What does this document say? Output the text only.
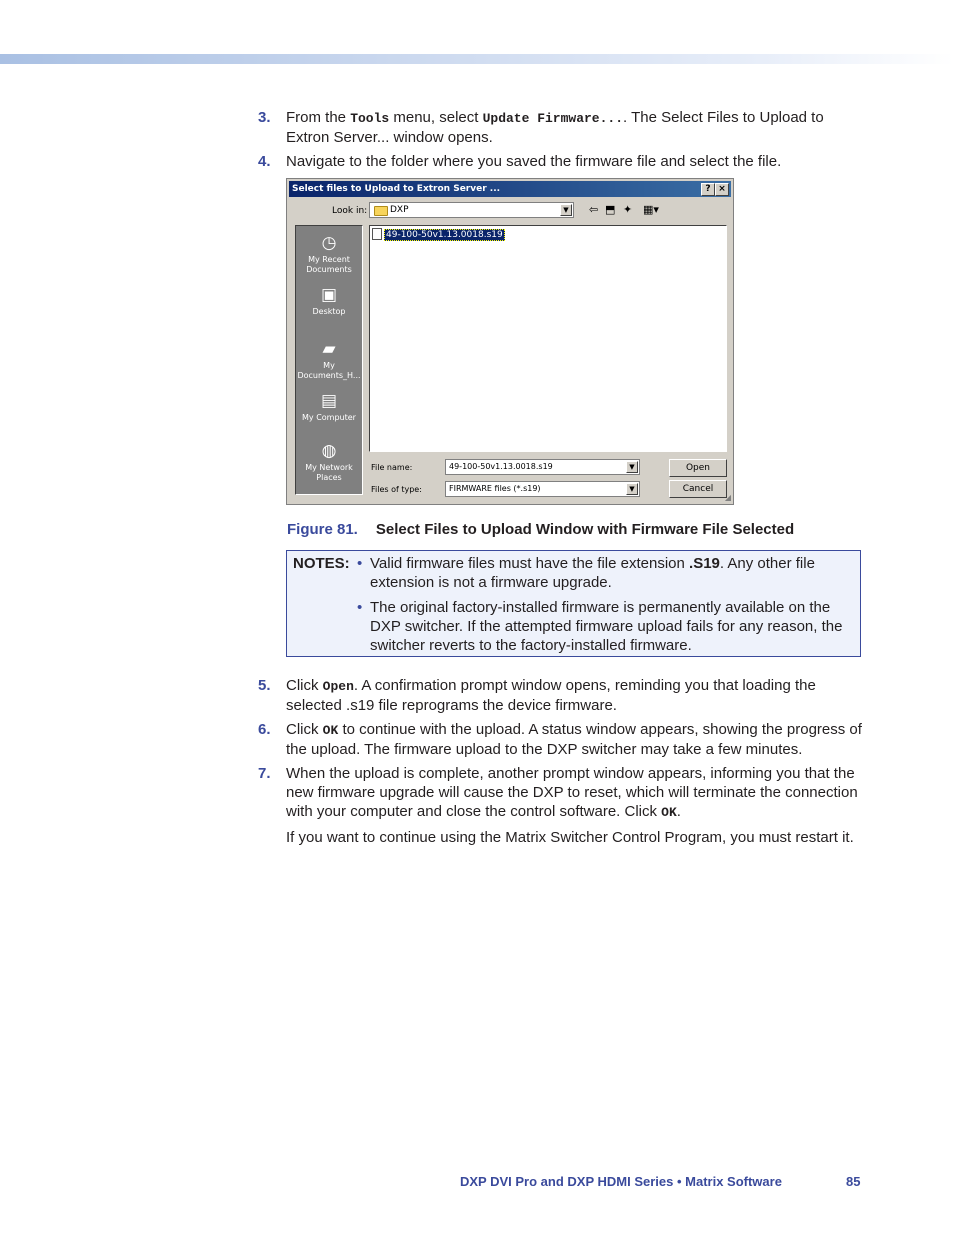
3. From the Tools menu, select Update Firmware.... The Select Files to Upload to Extron Server... window opens.
4. Navigate to the folder where you saved the firmware file and select the file.
Select files to Upload to Extron Server ...	? ×
Look in:	DXP	▼	⇦ ⬒ ✦ ▦▾
◷
My Recent Documents
▣
Desktop
▰
My Documents_H...
▤
My Computer
◍
My Network Places
49-100-50v1.13.0018.s19
File name:	49-100-50v1.13.0018.s19	▼	Open
Files of type:	FIRMWARE files (*.s19)	▼	Cancel
◢
Figure 81. Select Files to Upload Window with Firmware File Selected
NOTES: • Valid firmware files must have the file extension .S19. Any other file extension is not a firmware upgrade.
• The original factory-installed firmware is permanently available on the DXP switcher. If the attempted firmware upload fails for any reason, the switcher reverts to the factory-installed firmware.
5. Click Open. A confirmation prompt window opens, reminding you that loading the selected .s19 file reprograms the device firmware.
6. Click OK to continue with the upload. A status window appears, showing the progress of the upload. The firmware upload to the DXP switcher may take a few minutes.
7. When the upload is complete, another prompt window appears, informing you that the new firmware upgrade will cause the DXP to reset, which will terminate the connection with your computer and close the control software. Click OK.
If you want to continue using the Matrix Switcher Control Program, you must restart it.
DXP DVI Pro and DXP HDMI Series • Matrix Software	85
